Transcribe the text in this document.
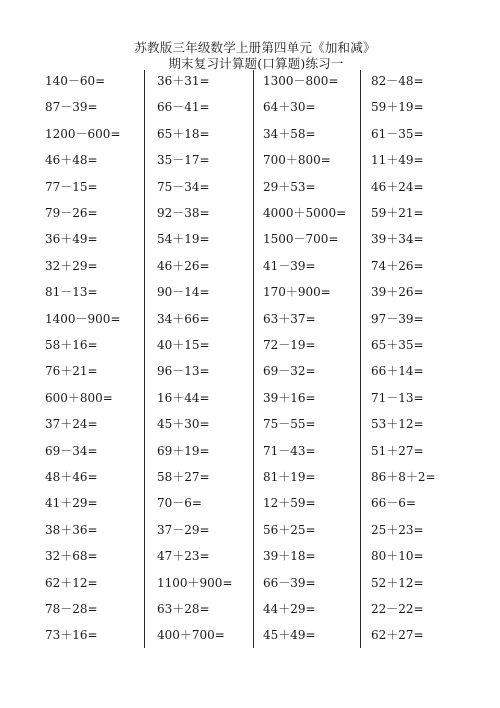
苏教版三年级数学上册第四单元《加和减》
期末复习计算题(口算题)练习一
140－60=
87－39=
1200－600=
46＋48=
77－15=
79－26=
36＋49=
32＋29=
81－13=
1400－900=
58＋16=
76＋21=
600＋800=
37＋24=
69－34=
48＋46=
41＋29=
38＋36=
32＋68=
62＋12=
78－28=
73＋16=
36＋31=
66－41=
65＋18=
35－17=
75－34=
92－38=
54＋19=
46＋26=
90－14=
34＋66=
40＋15=
96－13=
16＋44=
45＋30=
69＋19=
58＋27=
70－6=
37－29=
47＋23=
1100＋900=
63＋28=
400＋700=
1300－800=
64＋30=
34＋58=
700＋800=
29＋53=
4000＋5000=
1500－700=
41－39=
170＋900=
63＋37=
72－19=
69－32=
39＋16=
75－55=
71－43=
81＋19=
12＋59=
56＋25=
39＋18=
66－39=
44＋29=
45＋49=
82－48=
59＋19=
61－35=
11＋49=
46＋24=
59＋21=
39＋34=
74＋26=
39＋26=
97－39=
65＋35=
66＋14=
71－13=
53＋12=
51＋27=
86＋8＋2=
66－6=
25＋23=
80＋10=
52＋12=
22－22=
62＋27=
